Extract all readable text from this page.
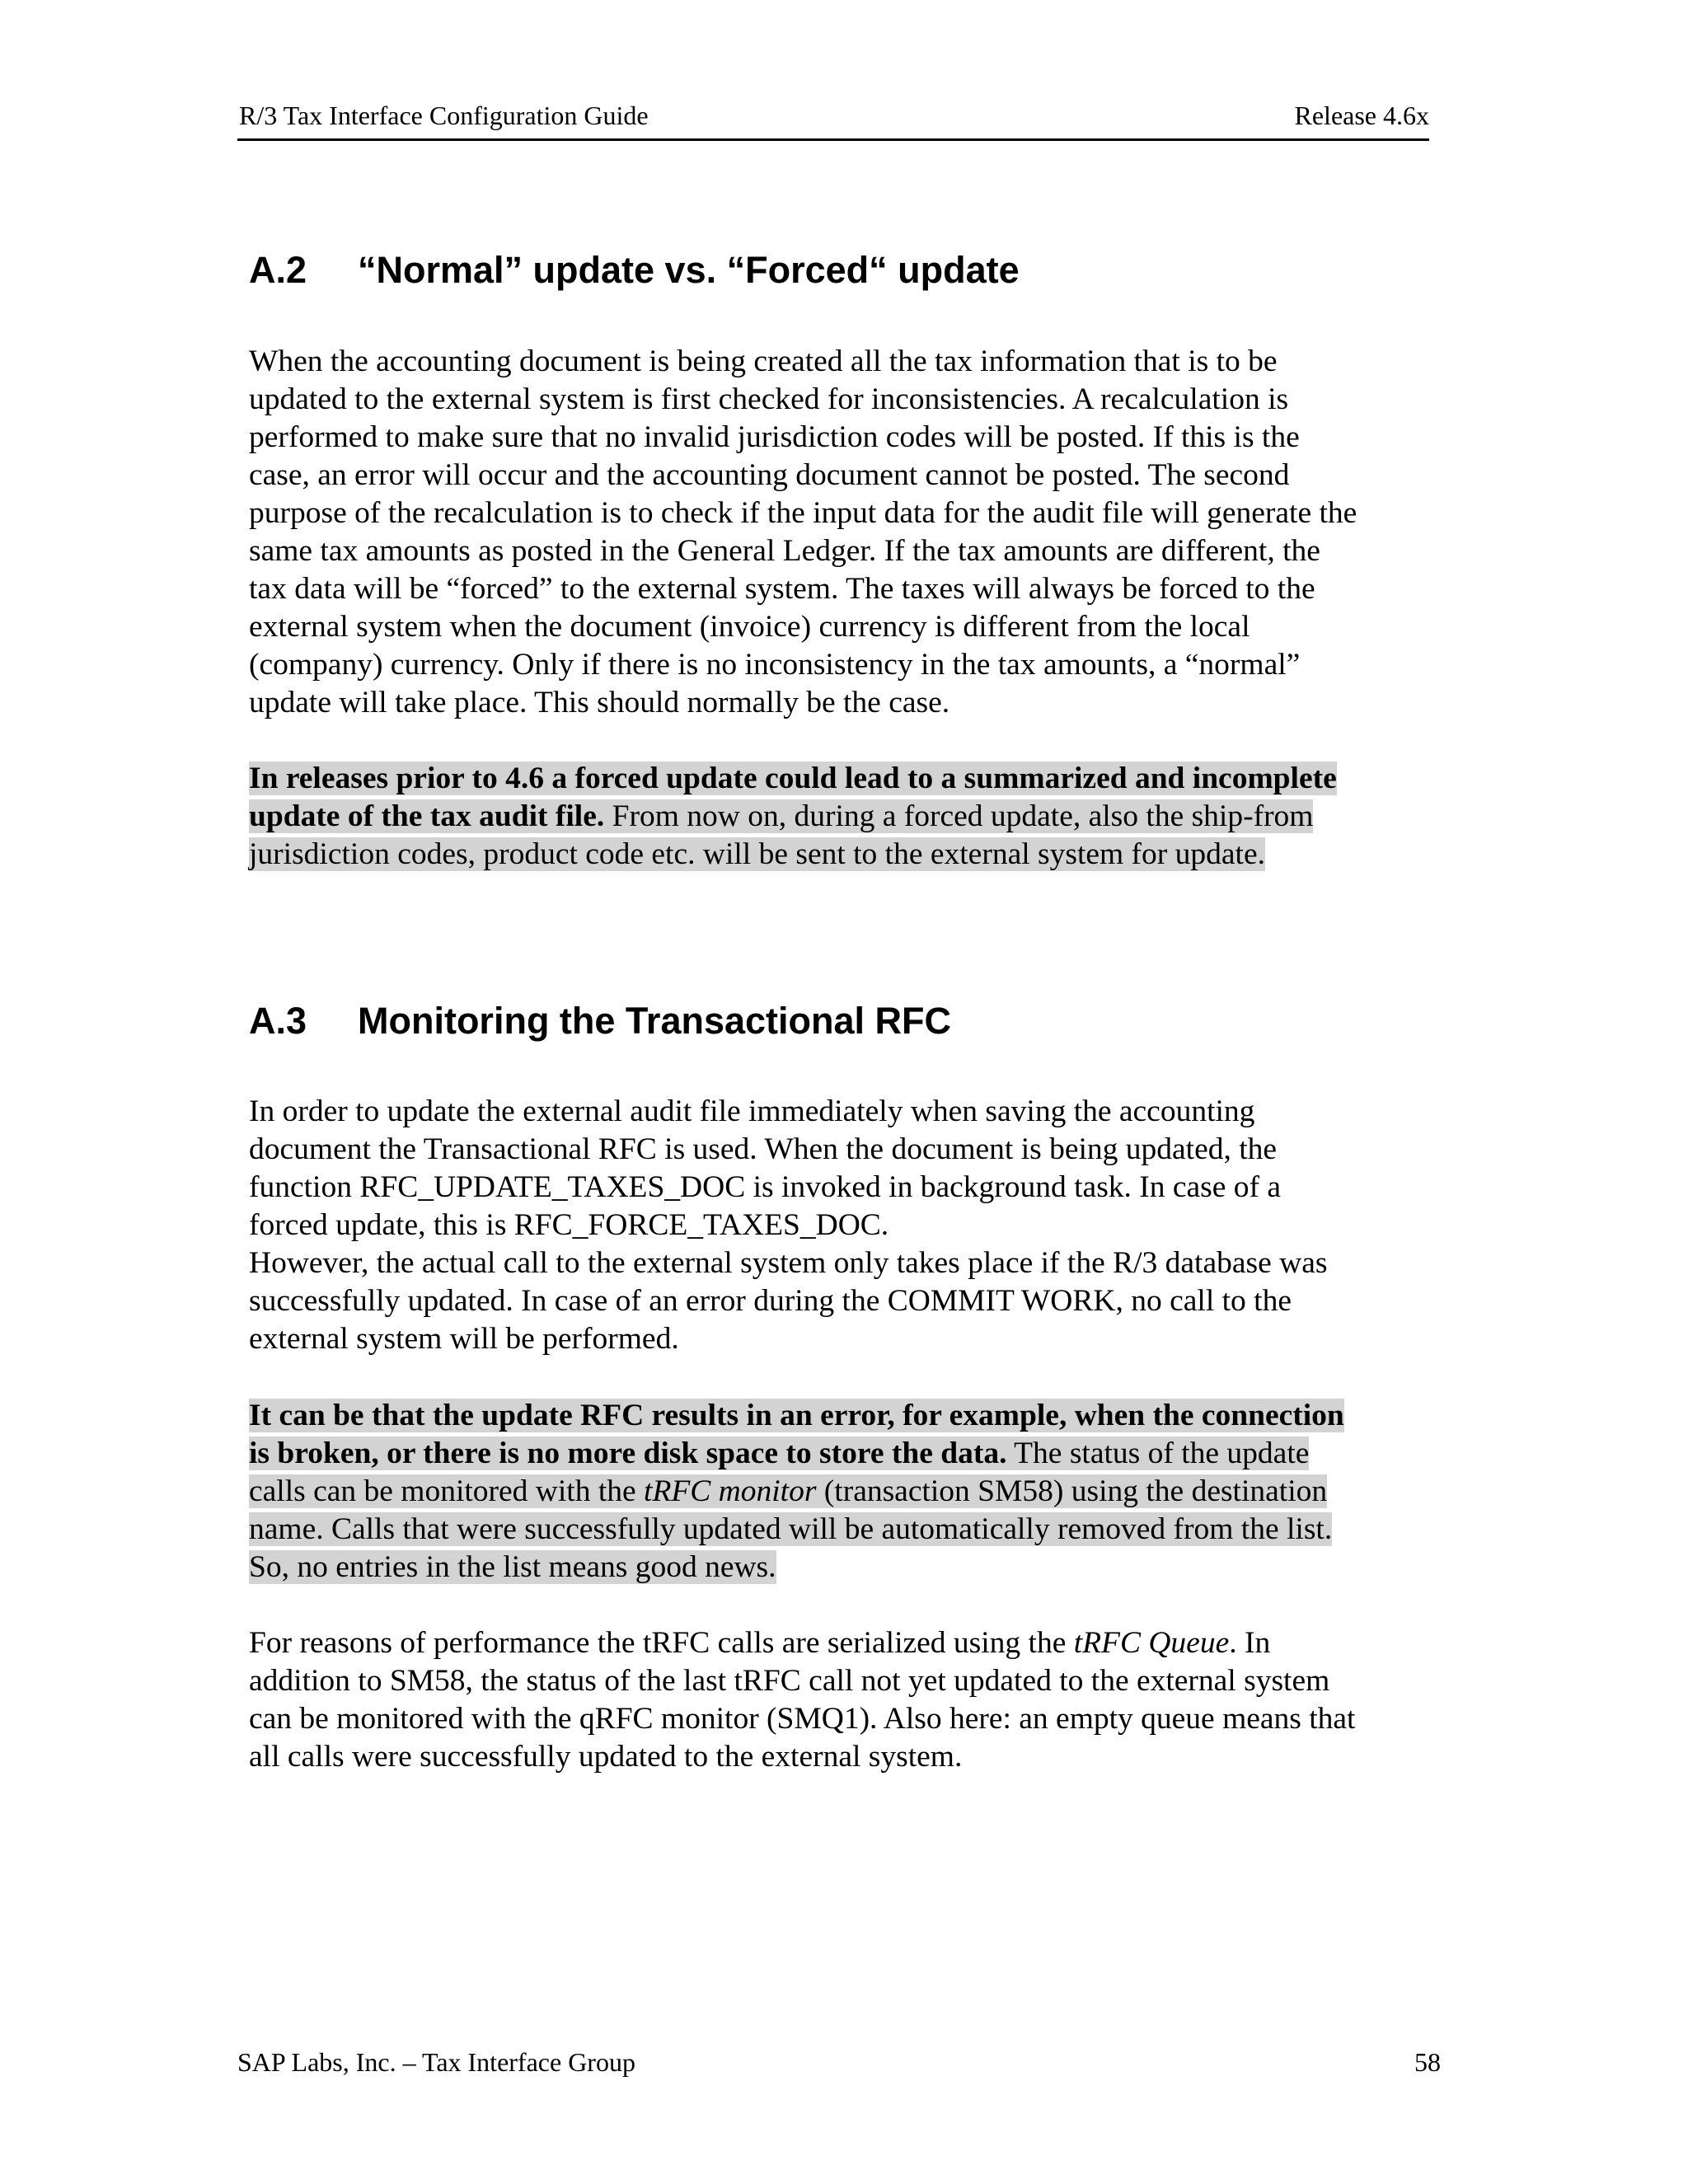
R/3 Tax Interface Configuration Guide	Release 4.6x
A.2 “Normal” update vs. “Forced“ update
When the accounting document is being created all the tax information that is to be
updated to the external system is first checked for inconsistencies. A recalculation is
performed to make sure that no invalid jurisdiction codes will be posted. If this is the
case, an error will occur and the accounting document cannot be posted. The second
purpose of the recalculation is to check if the input data for the audit file will generate the
same tax amounts as posted in the General Ledger. If the tax amounts are different, the
tax data will be “forced” to the external system. The taxes will always be forced to the
external system when the document (invoice) currency is different from the local
(company) currency. Only if there is no inconsistency in the tax amounts, a “normal”
update will take place. This should normally be the case.
In releases prior to 4.6 a forced update could lead to a summarized and incomplete
update of the tax audit file. From now on, during a forced update, also the ship-from
jurisdiction codes, product code etc. will be sent to the external system for update.
A.3 Monitoring the Transactional RFC
In order to update the external audit file immediately when saving the accounting
document the Transactional RFC is used. When the document is being updated, the
function RFC_UPDATE_TAXES_DOC is invoked in background task. In case of a
forced update, this is RFC_FORCE_TAXES_DOC.
However, the actual call to the external system only takes place if the R/3 database was
successfully updated. In case of an error during the COMMIT WORK, no call to the
external system will be performed.
It can be that the update RFC results in an error, for example, when the connection
is broken, or there is no more disk space to store the data. The status of the update
calls can be monitored with the tRFC monitor (transaction SM58) using the destination
name. Calls that were successfully updated will be automatically removed from the list.
So, no entries in the list means good news.
For reasons of performance the tRFC calls are serialized using the tRFC Queue. In
addition to SM58, the status of the last tRFC call not yet updated to the external system
can be monitored with the qRFC monitor (SMQ1). Also here: an empty queue means that
all calls were successfully updated to the external system.
SAP Labs, Inc. – Tax Interface Group	58
